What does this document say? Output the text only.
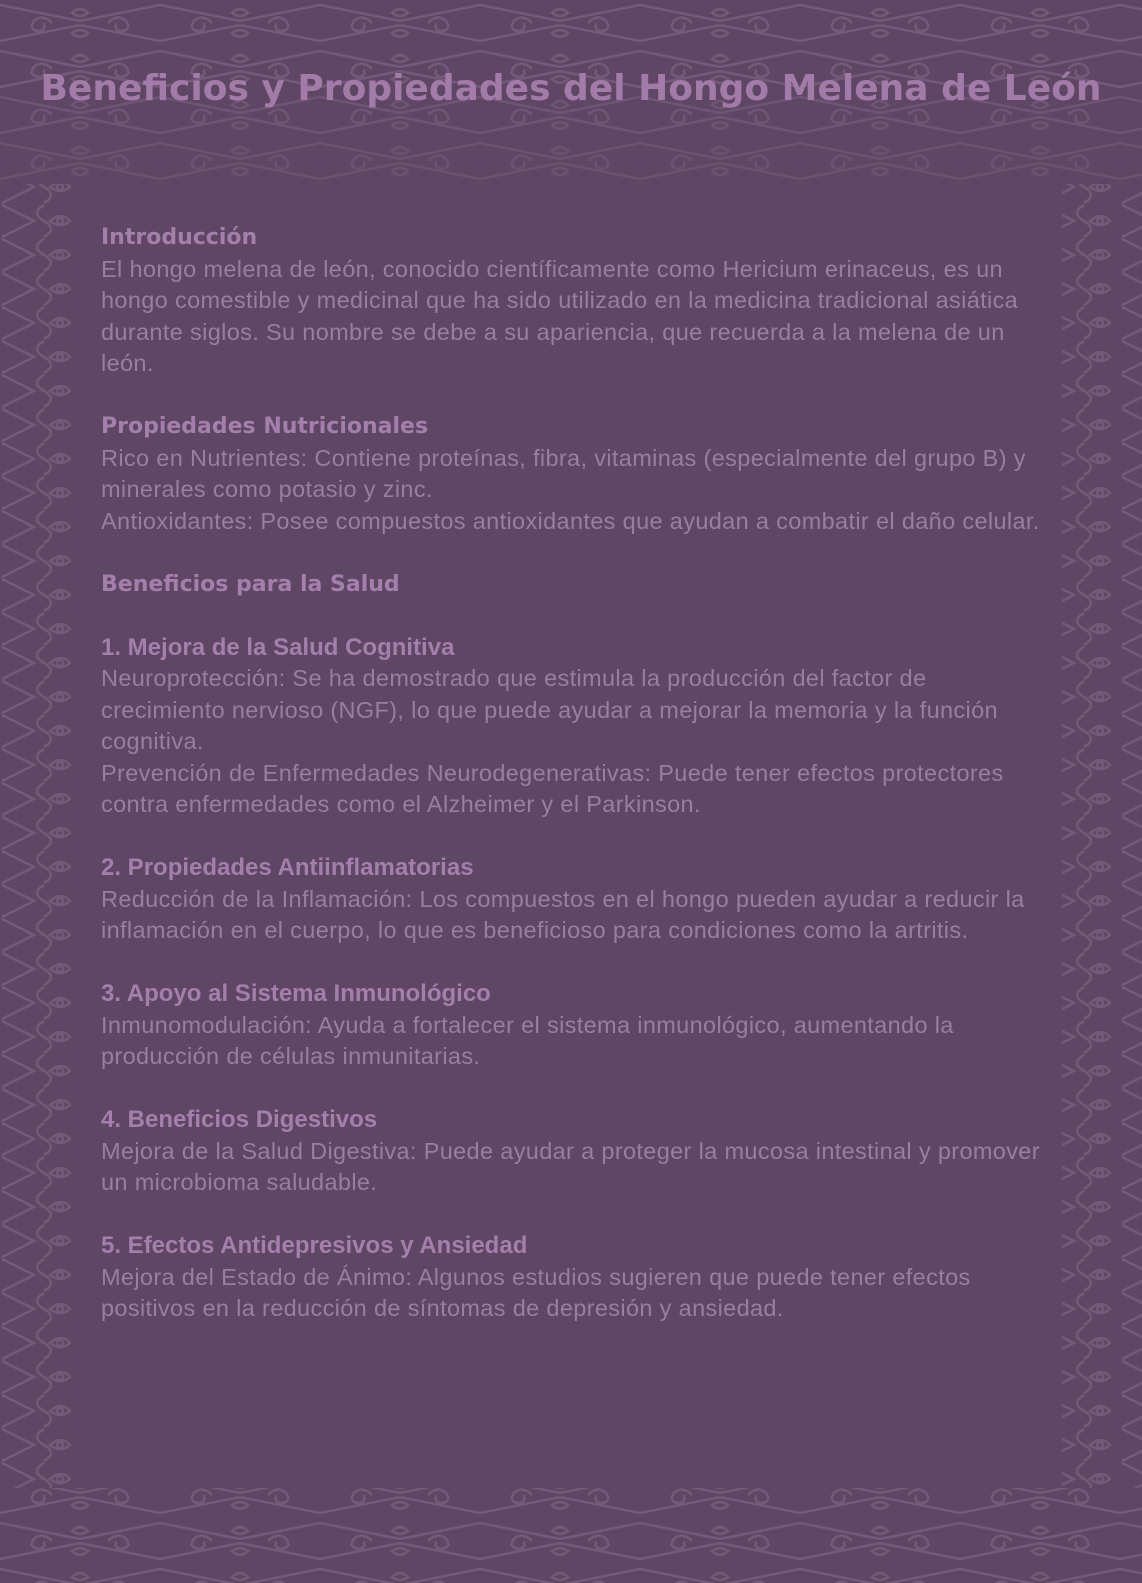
Beneficios y Propiedades del Hongo Melena de León
Introducción

El hongo melena de león, conocido científicamente como Hericium erinaceus, es un hongo comestible y medicinal que ha sido utilizado en la medicina tradicional asiática durante siglos. Su nombre se debe a su apariencia, que recuerda a la melena de un león.

Propiedades Nutricionales

Rico en Nutrientes: Contiene proteínas, fibra, vitaminas (especialmente del grupo B) y minerales como potasio y zinc.

Antioxidantes: Posee compuestos antioxidantes que ayudan a combatir el daño celular.

Beneficios para la Salud
1. Mejora de la Salud Cognitiva

Neuroprotección: Se ha demostrado que estimula la producción del factor de crecimiento nervioso (NGF), lo que puede ayudar a mejorar la memoria y la función cognitiva.

Prevención de Enfermedades Neurodegenerativas: Puede tener efectos protectores contra enfermedades como el Alzheimer y el Parkinson.

2. Propiedades Antiinflamatorias

Reducción de la Inflamación: Los compuestos en el hongo pueden ayudar a reducir la inflamación en el cuerpo, lo que es beneficioso para condiciones como la artritis.

3. Apoyo al Sistema Inmunológico

Inmunomodulación: Ayuda a fortalecer el sistema inmunológico, aumentando la producción de células inmunitarias.

4. Beneficios Digestivos

Mejora de la Salud Digestiva: Puede ayudar a proteger la mucosa intestinal y promover un microbioma saludable.

5. Efectos Antidepresivos y Ansiedad

Mejora del Estado de Ánimo: Algunos estudios sugieren que puede tener efectos positivos en la reducción de síntomas de depresión y ansiedad.
